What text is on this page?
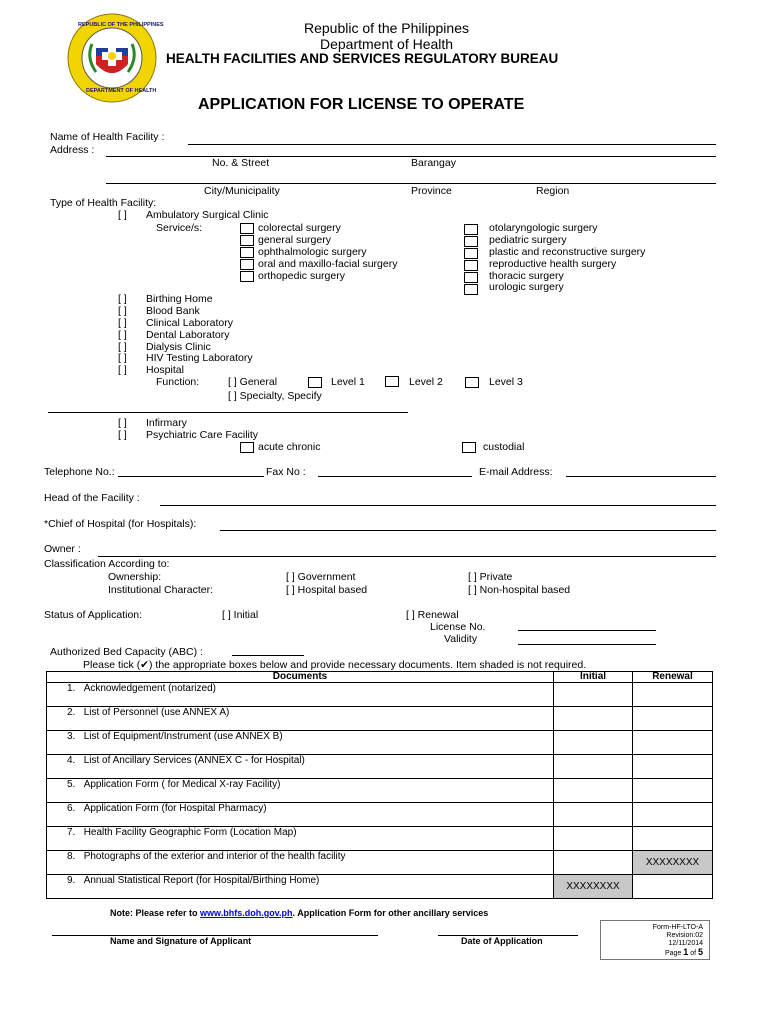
REPUBLIC OF THE PHILIPPINES
DEPARTMENT OF HEALTH
Republic of the Philippines
Department of Health
HEALTH FACILITIES AND SERVICES REGULATORY BUREAU
APPLICATION FOR LICENSE TO OPERATE
Name of Health Facility :
Address :
No. & Street	Barangay
City/Municipality	Province	Region
Type of Health Facility:
[ ] Ambulatory Surgical Clinic
Service/s:	colorectal surgery
general surgery
ophthalmologic surgery
oral and maxillo-facial surgery
orthopedic surgery
otolaryngologic surgery
pediatric surgery
plastic and reconstructive surgery
reproductive health surgery
thoracic surgery
urologic surgery
[ ] Birthing Home
[ ] Blood Bank
[ ] Clinical Laboratory
[ ] Dental Laboratory
[ ] Dialysis Clinic
[ ] HIV Testing Laboratory
[ ] Hospital
Function:	[ ] General	Level 1	Level 2	Level 3
[ ] Specialty, Specify
[ ] Infirmary
[ ] Psychiatric Care Facility
acute chronic	custodial
Telephone No.:	Fax No :	E-mail Address:
Head of the Facility :
*Chief of Hospital (for Hospitals):
Owner :
Classification According to:
Ownership:	[ ] Government	[ ] Private
Institutional Character:	[ ] Hospital based	[ ] Non-hospital based
Status of Application:	[ ] Initial	[ ] Renewal
License No.
Validity
Authorized Bed Capacity (ABC) :
Please tick (✔) the appropriate boxes below and provide necessary documents. Item shaded is not required.
Documents	Initial	Renewal
1. Acknowledgement (notarized)		
2. List of Personnel (use ANNEX A)		
3. List of Equipment/Instrument (use ANNEX B)		
4. List of Ancillary Services (ANNEX C - for Hospital)		
5. Application Form ( for Medical X-ray Facility)		
6. Application Form (for Hospital Pharmacy)		
7. Health Facility Geographic Form (Location Map)		
8. Photographs of the exterior and interior of the health facility		XXXXXXXX
9. Annual Statistical Report (for Hospital/Birthing Home)	XXXXXXXX	
Note: Please refer to www.bhfs.doh.gov.ph. Application Form for other ancillary services
Name and Signature of Applicant	Date of Application
Form-HF-LTO-A
Revision:02
12/11/2014
Page 1 of 5
